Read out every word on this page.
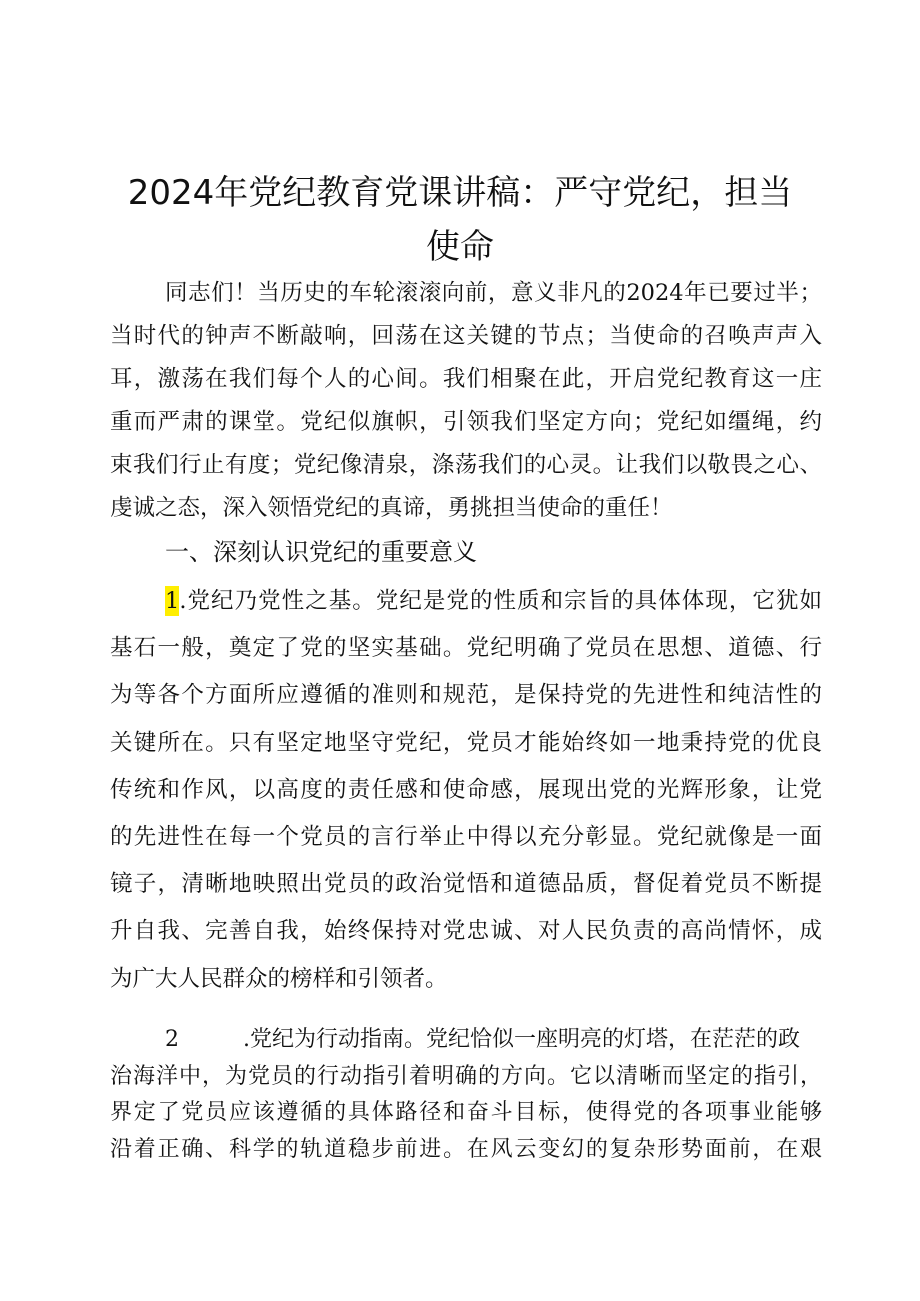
2024年党纪教育党课讲稿：严守党纪，担当
使命
同志们！当历史的车轮滚滚向前，意义非凡的2024年已要过半；
当时代的钟声不断敲响，回荡在这关键的节点；当使命的召唤声声入
耳，激荡在我们每个人的心间。我们相聚在此，开启党纪教育这一庄
重而严肃的课堂。党纪似旗帜，引领我们坚定方向；党纪如缰绳，约
束我们行止有度；党纪像清泉，涤荡我们的心灵。让我们以敬畏之心、
虔诚之态，深入领悟党纪的真谛，勇挑担当使命的重任！
一、深刻认识党纪的重要意义
1.党纪乃党性之基。党纪是党的性质和宗旨的具体体现，它犹如
基石一般，奠定了党的坚实基础。党纪明确了党员在思想、道德、行
为等各个方面所应遵循的准则和规范，是保持党的先进性和纯洁性的
关键所在。只有坚定地坚守党纪，党员才能始终如一地秉持党的优良
传统和作风，以高度的责任感和使命感，展现出党的光辉形象，让党
的先进性在每一个党员的言行举止中得以充分彰显。党纪就像是一面
镜子，清晰地映照出党员的政治觉悟和道德品质，督促着党员不断提
升自我、完善自我，始终保持对党忠诚、对人民负责的高尚情怀，成
为广大人民群众的榜样和引领者。
2	.党纪为行动指南。党纪恰似一座明亮的灯塔，在茫茫的政
治海洋中，为党员的行动指引着明确的方向。它以清晰而坚定的指引，
界定了党员应该遵循的具体路径和奋斗目标，使得党的各项事业能够
沿着正确、科学的轨道稳步前进。在风云变幻的复杂形势面前，在艰
